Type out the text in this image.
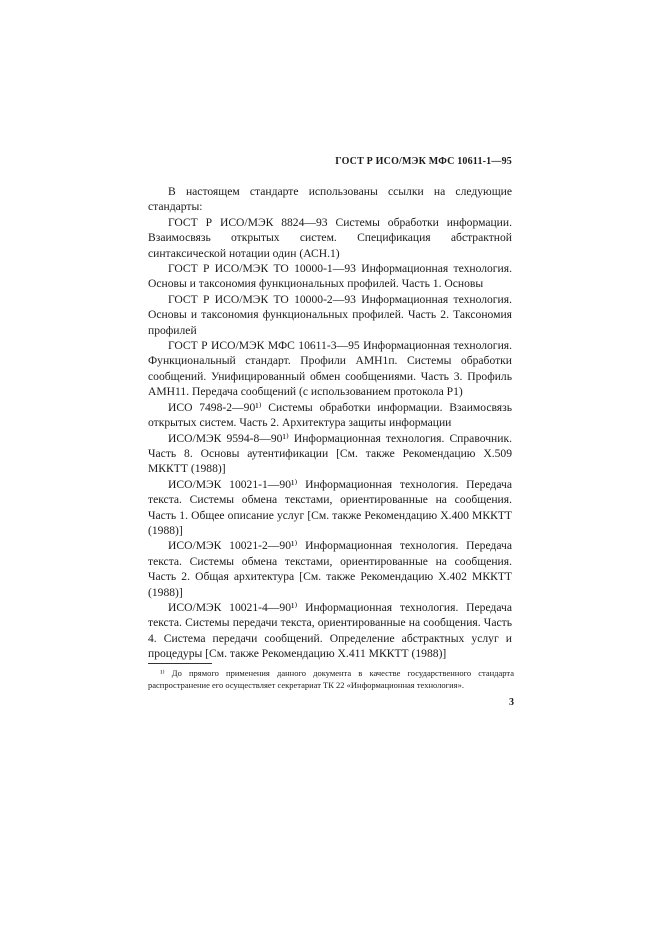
ГОСТ Р ИСО/МЭК МФС 10611-1—95

В настоящем стандарте использованы ссылки на следующие стандарты:

ГОСТ Р ИСО/МЭК 8824—93 Системы обработки информации. Взаимосвязь открытых систем. Спецификация абстрактной синтаксической нотации один (АСН.1)

ГОСТ Р ИСО/МЭК ТО 10000-1—93 Информационная технология. Основы и таксономия функциональных профилей. Часть 1. Основы

ГОСТ Р ИСО/МЭК ТО 10000-2—93 Информационная технология. Основы и таксономия функциональных профилей. Часть 2. Таксономия профилей

ГОСТ Р ИСО/МЭК МФС 10611-3—95 Информационная технология. Функциональный стандарт. Профили АМН1п. Системы обработки сообщений. Унифицированный обмен сообщениями. Часть 3. Профиль АМН11. Передача сообщений (с использованием протокола Р1)

ИСО 7498-2—90¹⁾ Системы обработки информации. Взаимосвязь открытых систем. Часть 2. Архитектура защиты информации

ИСО/МЭК 9594-8—90¹⁾ Информационная технология. Справочник. Часть 8. Основы аутентификации [См. также Рекомендацию Х.509 МККТТ (1988)]

ИСО/МЭК 10021-1—90¹⁾ Информационная технология. Передача текста. Системы обмена текстами, ориентированные на сообщения. Часть 1. Общее описание услуг [См. также Рекомендацию Х.400 МККТТ (1988)]

ИСО/МЭК 10021-2—90¹⁾ Информационная технология. Передача текста. Системы обмена текстами, ориентированные на сообщения. Часть 2. Общая архитектура [См. также Рекомендацию Х.402 МККТТ (1988)]

ИСО/МЭК 10021-4—90¹⁾ Информационная технология. Передача текста. Системы передачи текста, ориентированные на сообщения. Часть 4. Система передачи сообщений. Определение абстрактных услуг и процедуры [См. также Рекомендацию Х.411 МККТТ (1988)]

¹⁾ До прямого применения данного документа в качестве государственного стандарта распространение его осуществляет секретариат ТК 22 «Информационная технология».
3
